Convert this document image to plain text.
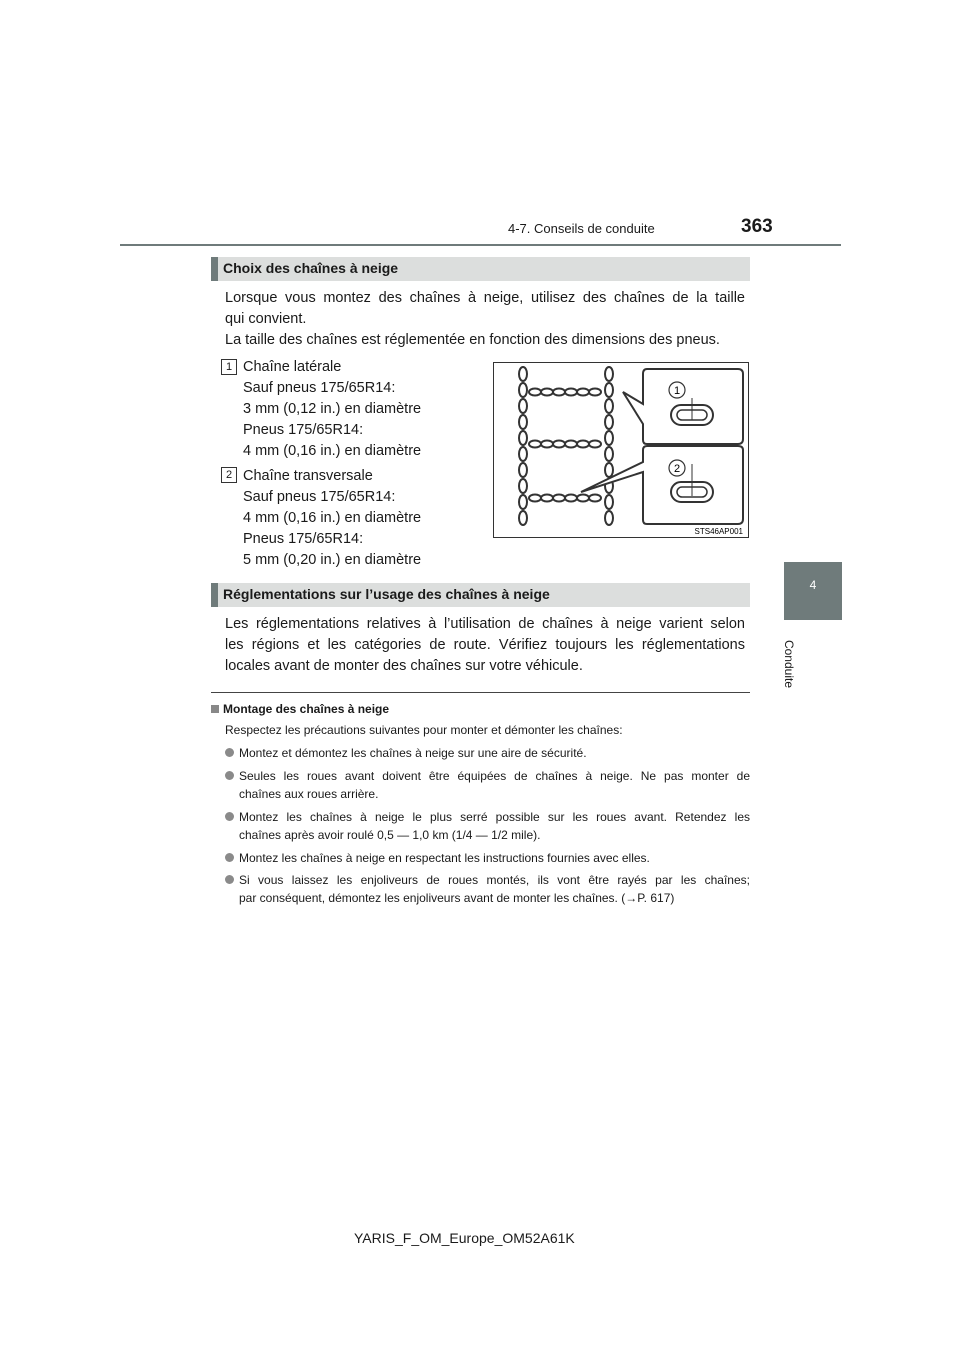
4-7. Conseils de conduite	363
4
Conduite
Choix des chaînes à neige
Lorsque vous montez des chaînes à neige, utilisez des chaînes de la taille
qui convient.
La taille des chaînes est réglementée en fonction des dimensions des pneus.
1 Chaîne latérale
Sauf pneus 175/65R14:
3 mm (0,12 in.) en diamètre
Pneus 175/65R14:
4 mm (0,16 in.) en diamètre
2 Chaîne transversale
Sauf pneus 175/65R14:
4 mm (0,16 in.) en diamètre
Pneus 175/65R14:
5 mm (0,20 in.) en diamètre
1
2
STS46AP001
Réglementations sur l’usage des chaînes à neige
Les réglementations relatives à l’utilisation de chaînes à neige varient selon
les régions et les catégories de route. Vérifiez toujours les réglementations
locales avant de monter des chaînes sur votre véhicule.
Montage des chaînes à neige
Respectez les précautions suivantes pour monter et démonter les chaînes:
Montez et démontez les chaînes à neige sur une aire de sécurité.
Seules les roues avant doivent être équipées de chaînes à neige. Ne pas monter de
chaînes aux roues arrière.
Montez les chaînes à neige le plus serré possible sur les roues avant. Retendez les
chaînes après avoir roulé 0,5 — 1,0 km (1/4 — 1/2 mile).
Montez les chaînes à neige en respectant les instructions fournies avec elles.
Si vous laissez les enjoliveurs de roues montés, ils vont être rayés par les chaînes;
par conséquent, démontez les enjoliveurs avant de monter les chaînes. (→P. 617)
YARIS_F_OM_Europe_OM52A61K
